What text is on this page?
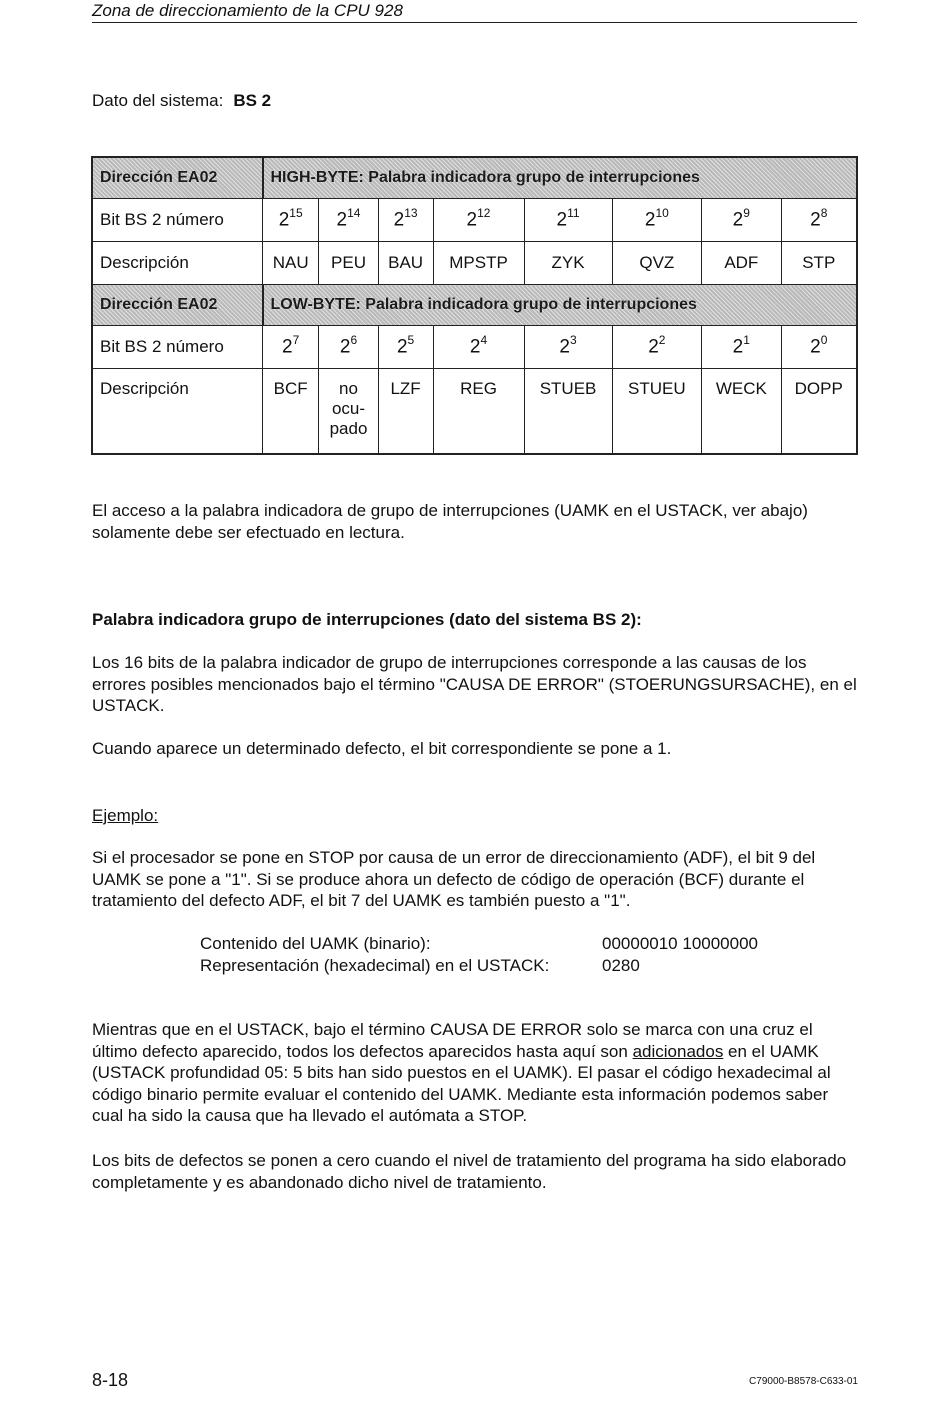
Zona de direccionamiento de la CPU 928
Dato del sistema: BS 2
Dirección EA02	HIGH-BYTE: Palabra indicadora grupo de interrupciones							
Bit BS 2 número	$2^{15}$	$2^{14}$	$2^{13}$	$2^{12}$	$2^{11}$	$2^{10}$	$2^9$	$2^8$
Descripción	NAU	PEU	BAU	MPSTP	ZYK	QVZ	ADF	STP
Dirección EA02	LOW-BYTE: Palabra indicadora grupo de interrupciones							
Bit BS 2 número	$2^7$	$2^6$	$2^5$	$2^4$	$2^3$	$2^2$	$2^1$	$2^0$
Descripción	BCF	no
ocu-
pado	LZF	REG	STUEB	STUEU	WECK	DOPP

El acceso a la palabra indicadora de grupo de interrupciones (UAMK en el USTACK, ver abajo) solamente debe ser efectuado en lectura.

Palabra indicadora grupo de interrupciones (dato del sistema BS 2):

Los 16 bits de la palabra indicador de grupo de interrupciones corresponde a las causas de los errores posibles mencionados bajo el término "CAUSA DE ERROR" (STOERUNGSURSACHE), en el USTACK.

Cuando aparece un determinado defecto, el bit correspondiente se pone a 1.

Ejemplo:

Si el procesador se pone en STOP por causa de un error de direccionamiento (ADF), el bit 9 del UAMK se pone a "1". Si se produce ahora un defecto de código de operación (BCF) durante el tratamiento del defecto ADF, el bit 7 del UAMK es también puesto a "1".

Contenido del UAMK (binario):	00000010 10000000
Representación (hexadecimal) en el USTACK:	0280

Mientras que en el USTACK, bajo el término CAUSA DE ERROR solo se marca con una cruz el último defecto aparecido, todos los defectos aparecidos hasta aquí son adicionados en el UAMK (USTACK profundidad 05: 5 bits han sido puestos en el UAMK). El pasar el código hexadecimal al código binario permite evaluar el contenido del UAMK. Mediante esta información podemos saber cual ha sido la causa que ha llevado el autómata a STOP.

Los bits de defectos se ponen a cero cuando el nivel de tratamiento del programa ha sido elaborado completamente y es abandonado dicho nivel de tratamiento.

8-18	C79000-B8578-C633-01
